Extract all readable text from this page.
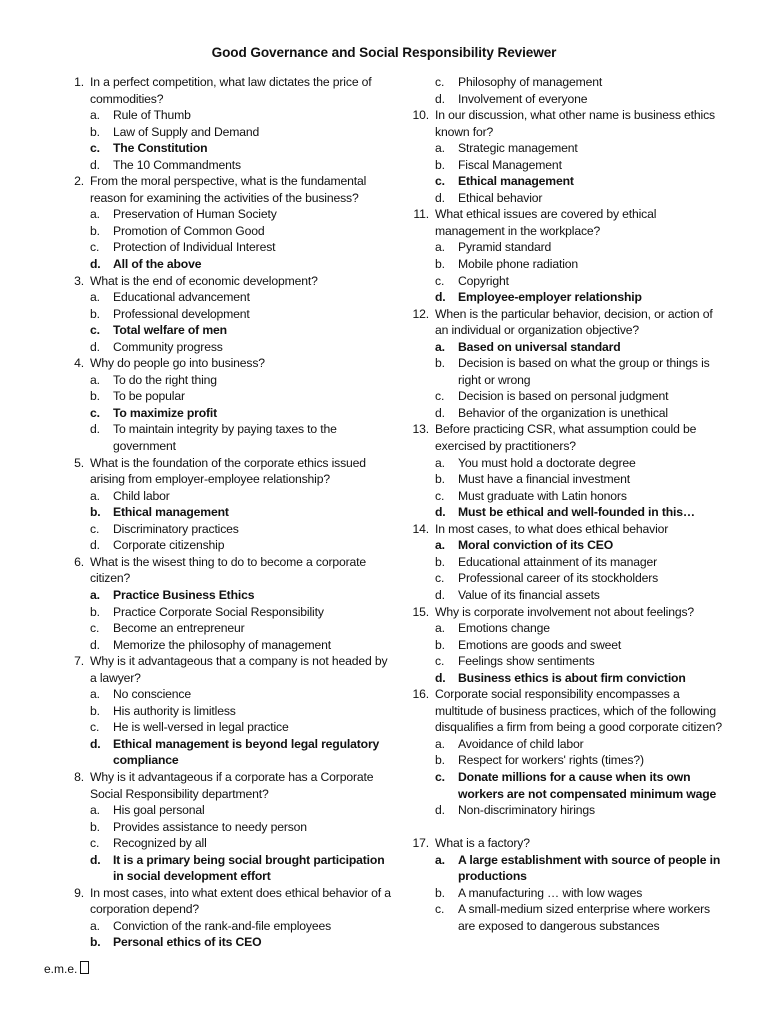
Good Governance and Social Responsibility Reviewer
1. In a perfect competition, what law dictates the price of commodities?
a. Rule of Thumb
b. Law of Supply and Demand
c. The Constitution
d. The 10 Commandments
2. From the moral perspective, what is the fundamental reason for examining the activities of the business?
a. Preservation of Human Society
b. Promotion of Common Good
c. Protection of Individual Interest
d. All of the above
3. What is the end of economic development?
a. Educational advancement
b. Professional development
c. Total welfare of men
d. Community progress
4. Why do people go into business?
a. To do the right thing
b. To be popular
c. To maximize profit
d. To maintain integrity by paying taxes to the government
5. What is the foundation of the corporate ethics issued arising from employer-employee relationship?
a. Child labor
b. Ethical management
c. Discriminatory practices
d. Corporate citizenship
6. What is the wisest thing to do to become a corporate citizen?
a. Practice Business Ethics
b. Practice Corporate Social Responsibility
c. Become an entrepreneur
d. Memorize the philosophy of management
7. Why is it advantageous that a company is not headed by a lawyer?
a. No conscience
b. His authority is limitless
c. He is well-versed in legal practice
d. Ethical management is beyond legal regulatory compliance
8. Why is it advantageous if a corporate has a Corporate Social Responsibility department?
a. His goal personal
b. Provides assistance to needy person
c. Recognized by all
d. It is a primary being social brought participation in social development effort
9. In most cases, into what extent does ethical behavior of a corporation depend?
a. Conviction of the rank-and-file employees
b. Personal ethics of its CEO
c. Philosophy of management
d. Involvement of everyone
10. In our discussion, what other name is business ethics known for?
a. Strategic management
b. Fiscal Management
c. Ethical management
d. Ethical behavior
11. What ethical issues are covered by ethical management in the workplace?
a. Pyramid standard
b. Mobile phone radiation
c. Copyright
d. Employee-employer relationship
12. When is the particular behavior, decision, or action of an individual or organization objective?
a. Based on universal standard
b. Decision is based on what the group or things is right or wrong
c. Decision is based on personal judgment
d. Behavior of the organization is unethical
13. Before practicing CSR, what assumption could be exercised by practitioners?
a. You must hold a doctorate degree
b. Must have a financial investment
c. Must graduate with Latin honors
d. Must be ethical and well-founded in this…
14. In most cases, to what does ethical behavior
a. Moral conviction of its CEO
b. Educational attainment of its manager
c. Professional career of its stockholders
d. Value of its financial assets
15. Why is corporate involvement not about feelings?
a. Emotions change
b. Emotions are goods and sweet
c. Feelings show sentiments
d. Business ethics is about firm conviction
16. Corporate social responsibility encompasses a multitude of business practices, which of the following disqualifies a firm from being a good corporate citizen?
a. Avoidance of child labor
b. Respect for workers' rights (times?)
c. Donate millions for a cause when its own workers are not compensated minimum wage
d. Non-discriminatory hirings
17. What is a factory?
a. A large establishment with source of people in productions
b. A manufacturing … with low wages
c. A small-medium sized enterprise where workers are exposed to dangerous substances
e.m.e.
